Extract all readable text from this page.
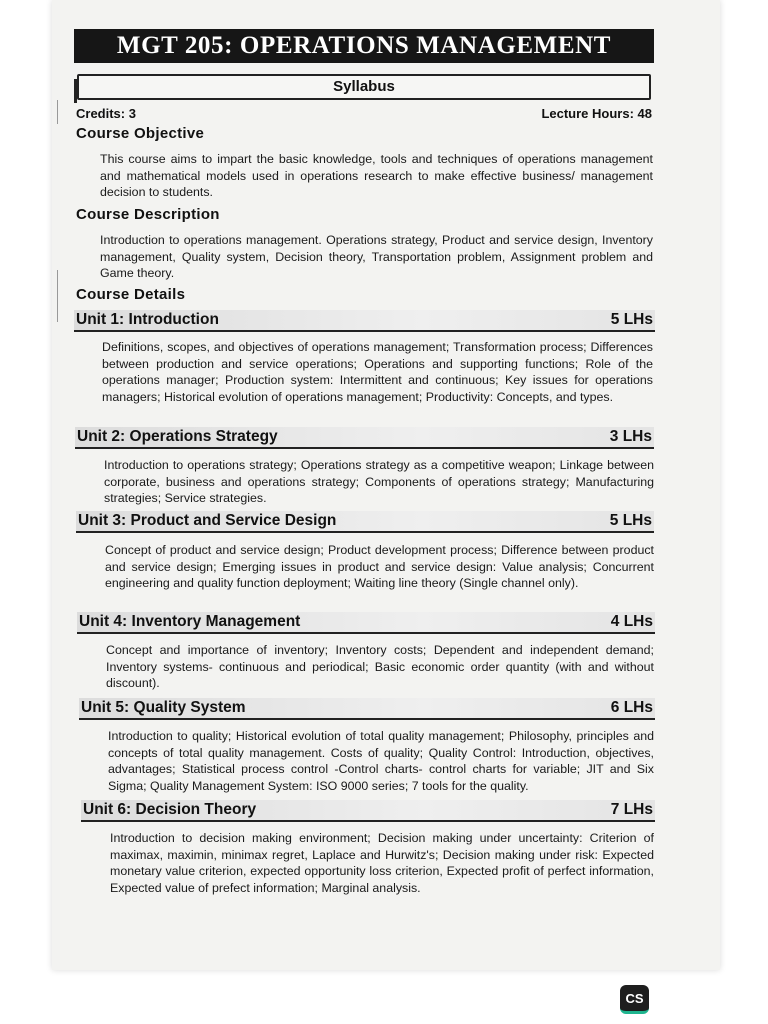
MGT 205: OPERATIONS MANAGEMENT
Syllabus
Credits: 3	Lecture Hours: 48
Course Objective
This course aims to impart the basic knowledge, tools and techniques of operations management and mathematical models used in operations research to make effective business/ management decision to students.
Course Description
Introduction to operations management. Operations strategy, Product and service design, Inventory management, Quality system, Decision theory, Transportation problem, Assignment problem and Game theory.
Course Details
Unit 1: Introduction	5 LHs
Definitions, scopes, and objectives of operations management; Transformation process; Differences between production and service operations; Operations and supporting functions; Role of the operations manager; Production system: Intermittent and continuous; Key issues for operations managers; Historical evolution of operations management; Productivity: Concepts, and types.
Unit 2: Operations Strategy	3 LHs
Introduction to operations strategy; Operations strategy as a competitive weapon; Linkage between corporate, business and operations strategy; Components of operations strategy; Manufacturing strategies; Service strategies.
Unit 3: Product and Service Design	5 LHs
Concept of product and service design; Product development process; Difference between product and service design; Emerging issues in product and service design: Value analysis; Concurrent engineering and quality function deployment; Waiting line theory (Single channel only).
Unit 4: Inventory Management	4 LHs
Concept and importance of inventory; Inventory costs; Dependent and independent demand; Inventory systems- continuous and periodical; Basic economic order quantity (with and without discount).
Unit 5: Quality System	6 LHs
Introduction to quality; Historical evolution of total quality management; Philosophy, principles and concepts of total quality management. Costs of quality; Quality Control: Introduction, objectives, advantages; Statistical process control -Control charts- control charts for variable; JIT and Six Sigma; Quality Management System: ISO 9000 series; 7 tools for the quality.
Unit 6: Decision Theory	7 LHs
Introduction to decision making environment; Decision making under uncertainty: Criterion of maximax, maximin, minimax regret, Laplace and Hurwitz's; Decision making under risk: Expected monetary value criterion, expected opportunity loss criterion, Expected profit of perfect information, Expected value of prefect information; Marginal analysis.
CS
